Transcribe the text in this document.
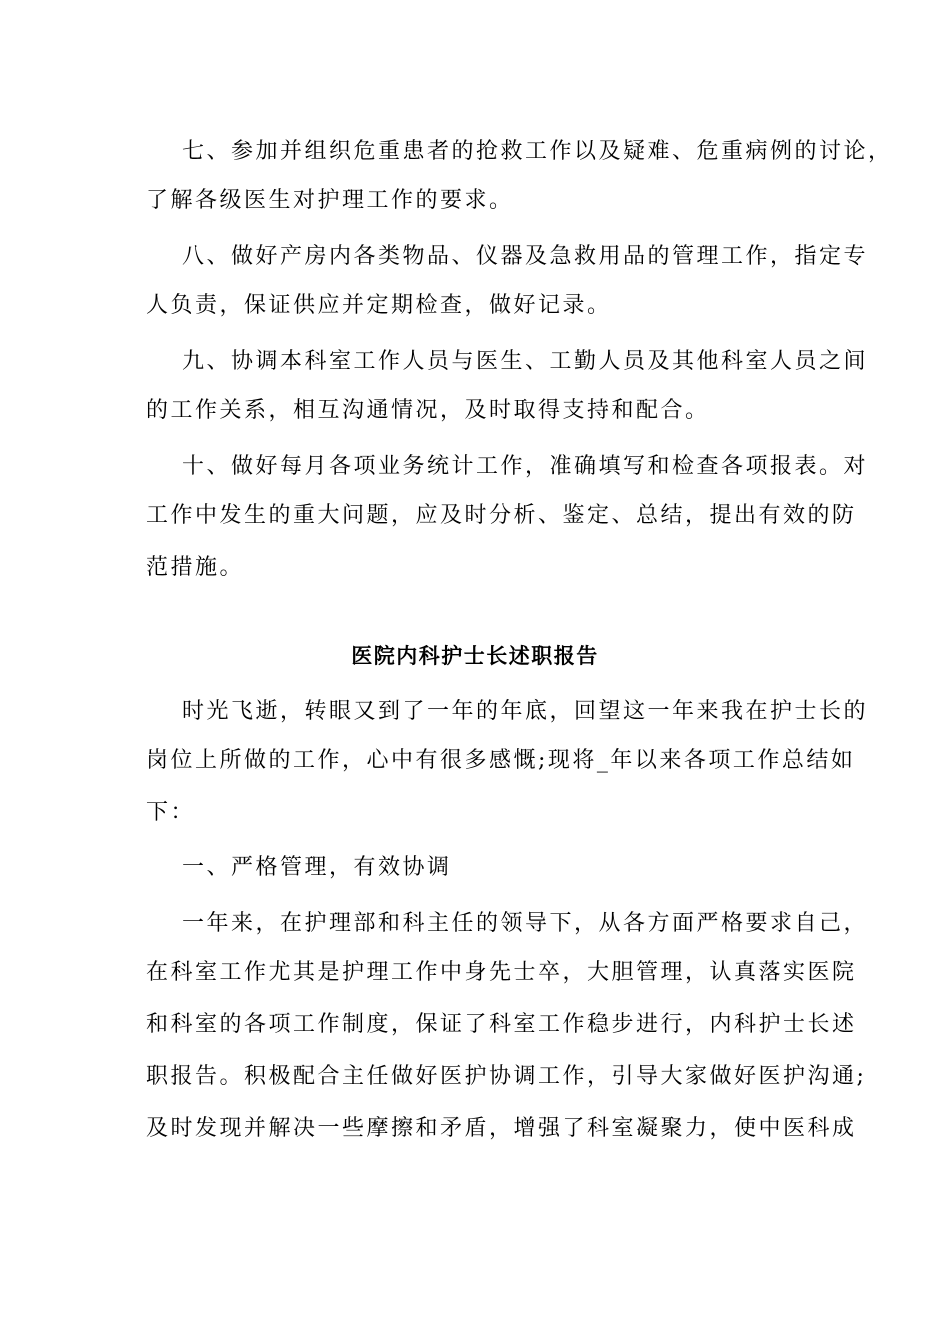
七、参加并组织危重患者的抢救工作以及疑难、危重病例的讨论，
了解各级医生对护理工作的要求。
八、做好产房内各类物品、仪器及急救用品的管理工作，指定专
人负责，保证供应并定期检查，做好记录。
九、协调本科室工作人员与医生、工勤人员及其他科室人员之间
的工作关系，相互沟通情况，及时取得支持和配合。
十、做好每月各项业务统计工作，准确填写和检查各项报表。对
工作中发生的重大问题，应及时分析、鉴定、总结，提出有效的防
范措施。
医院内科护士长述职报告
时光飞逝，转眼又到了一年的年底，回望这一年来我在护士长的
岗位上所做的工作，心中有很多感慨;现将_年以来各项工作总结如
下：
一、严格管理，有效协调
一年来，在护理部和科主任的领导下，从各方面严格要求自己，
在科室工作尤其是护理工作中身先士卒，大胆管理，认真落实医院
和科室的各项工作制度，保证了科室工作稳步进行，内科护士长述
职报告。积极配合主任做好医护协调工作，引导大家做好医护沟通;
及时发现并解决一些摩擦和矛盾，增强了科室凝聚力，使中医科成
